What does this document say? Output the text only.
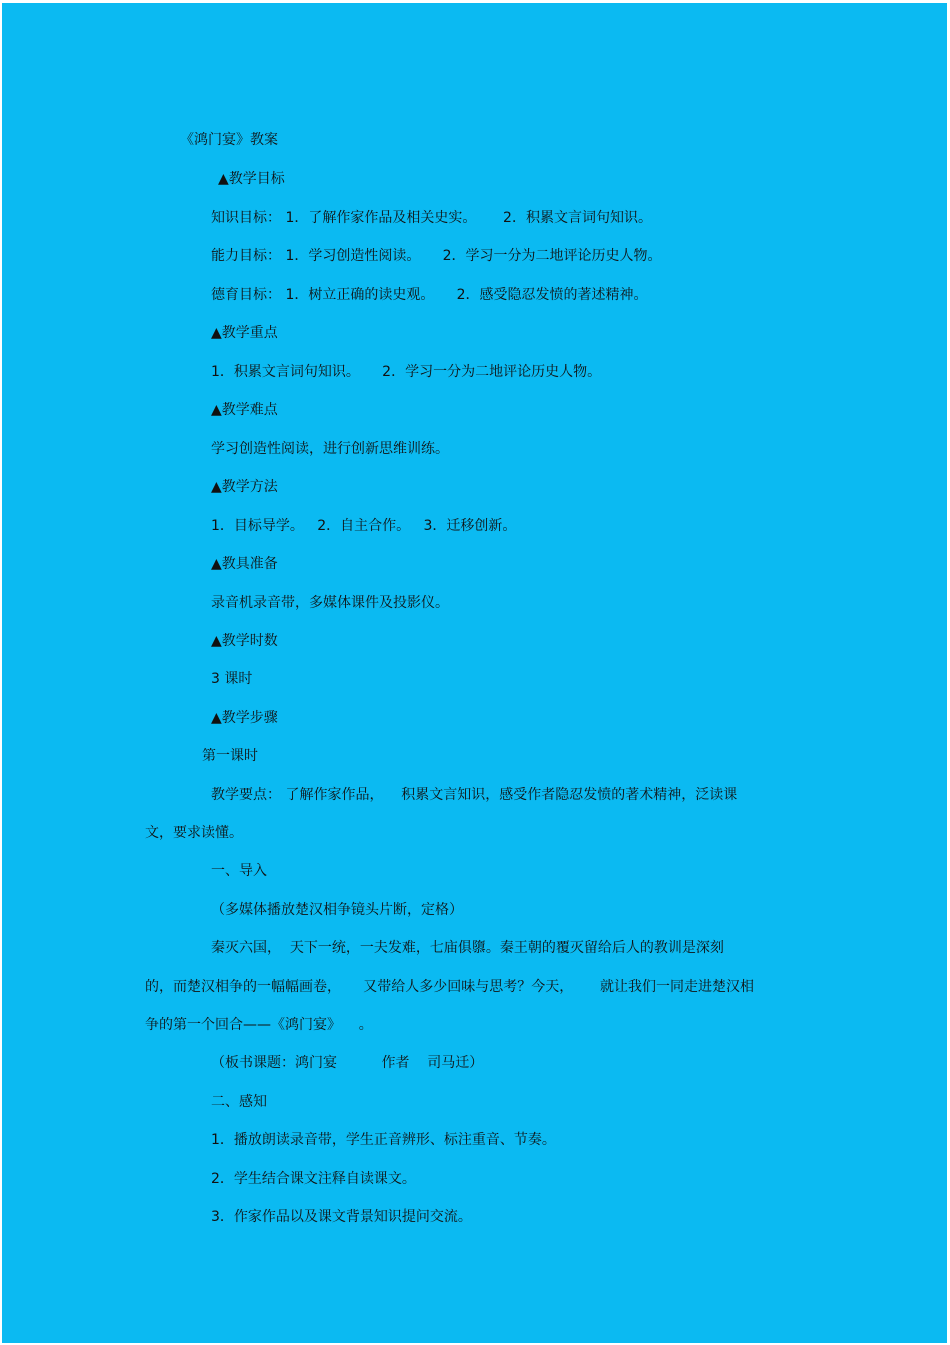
《鸿门宴》教案
▲教学目标
知识目标： 1．了解作家作品及相关史实。      2．积累文言词句知识。
能力目标： 1．学习创造性阅读。     2．学习一分为二地评论历史人物。
德育目标： 1．树立正确的读史观。     2．感受隐忍发愤的著述精神。
▲教学重点
1．积累文言词句知识。     2．学习一分为二地评论历史人物。
▲教学难点
学习创造性阅读，进行创新思维训练。
▲教学方法
1．目标导学。   2．自主合作。   3．迁移创新。
▲教具准备
录音机录音带，多媒体课件及投影仪。
▲教学时数
3 课时
▲教学步骤
第一课时
教学要点： 了解作家作品，    积累文言知识，感受作者隐忍发愤的著术精神，泛读课
文，要求读懂。
一、导入
（多媒体播放楚汉相争镜头片断，定格）
秦灭六国，  天下一统，一夫发难，七庙俱隳。秦王朝的覆灭留给后人的教训是深刻
的，而楚汉相争的一幅幅画卷，     又带给人多少回味与思考？今天，      就让我们一同走进楚汉相
争的第一个回合——《鸿门宴》    。
（板书课题：鸿门宴          作者    司马迁）
二、感知
1．播放朗读录音带，学生正音辨形、标注重音、节奏。
2．学生结合课文注释自读课文。
3．作家作品以及课文背景知识提问交流。
